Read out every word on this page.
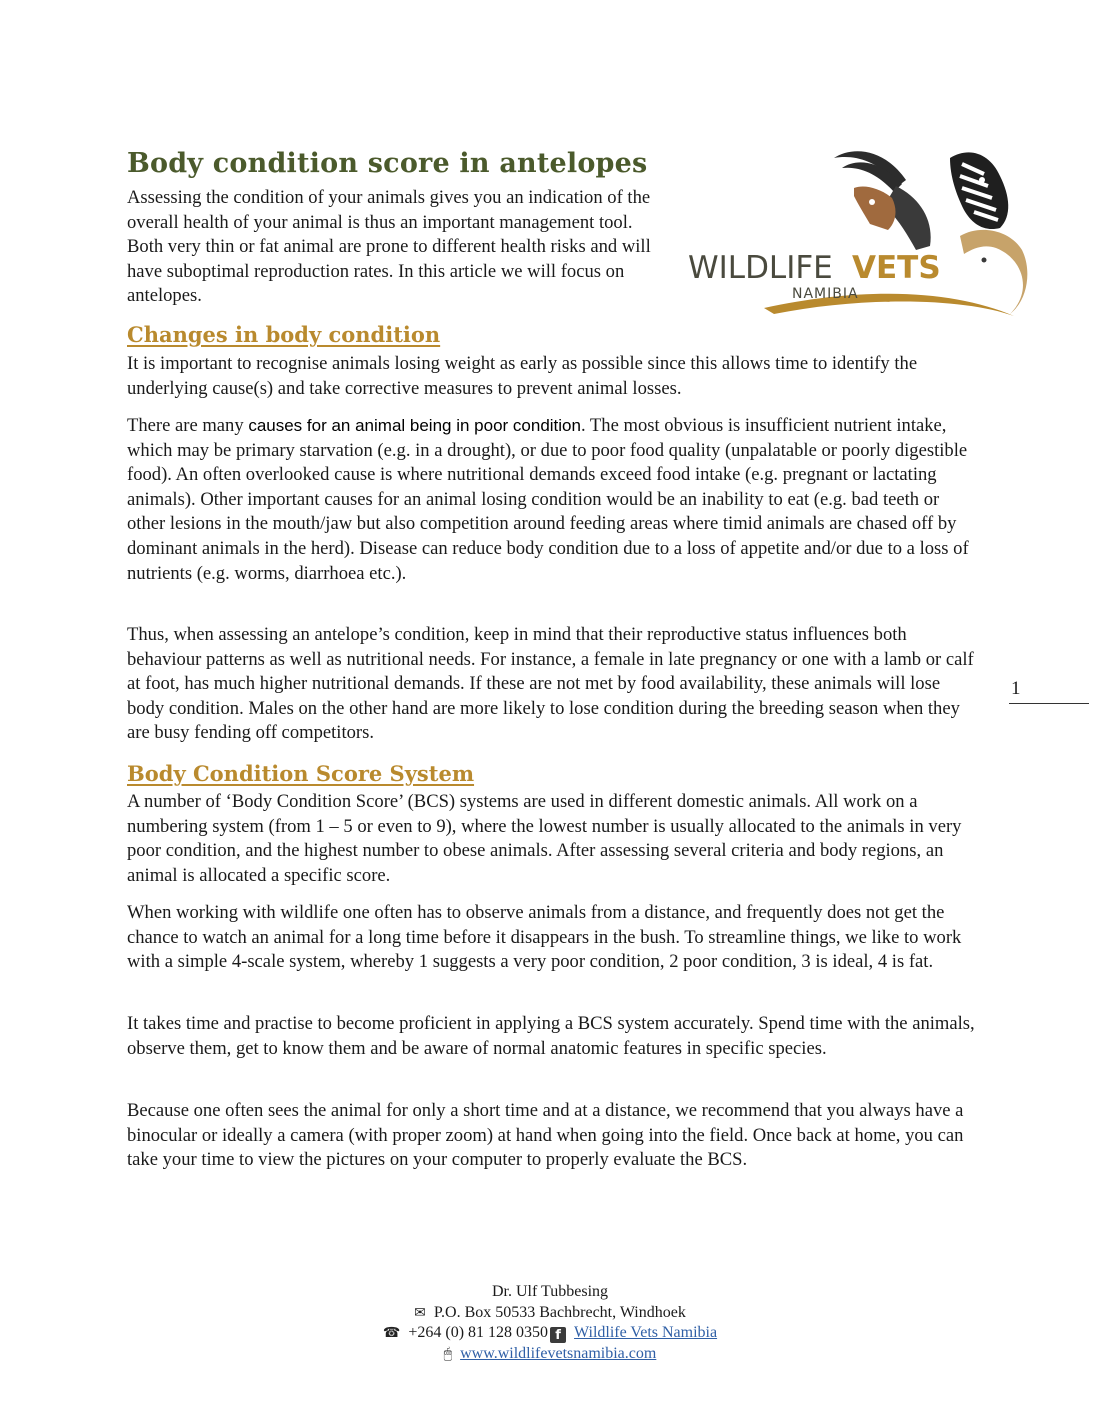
Body condition score in antelopes

Assessing the condition of your animals gives you an indication of the overall health of your animal is thus an important management tool. Both very thin or fat animal are prone to different health risks and will have suboptimal reproduction rates. In this article we will focus on antelopes.

WILDLIFE VETS
NAMIBIA
Changes in body condition

It is important to recognise animals losing weight as early as possible since this allows time to identify the underlying cause(s) and take corrective measures to prevent animal losses.

There are many causes for an animal being in poor condition. The most obvious is insufficient nutrient intake, which may be primary starvation (e.g. in a drought), or due to poor food quality (unpalatable or poorly digestible food). An often overlooked cause is where nutritional demands exceed food intake (e.g. pregnant or lactating animals). Other important causes for an animal losing condition would be an inability to eat (e.g. bad teeth or other lesions in the mouth/jaw but also competition around feeding areas where timid animals are chased off by dominant animals in the herd). Disease can reduce body condition due to a loss of appetite and/or due to a loss of nutrients (e.g. worms, diarrhoea etc.).

Thus, when assessing an antelope’s condition, keep in mind that their reproductive status influences both behaviour patterns as well as nutritional needs. For instance, a female in late pregnancy or one with a lamb or calf at foot, has much higher nutritional demands. If these are not met by food availability, these animals will lose body condition. Males on the other hand are more likely to lose condition during the breeding season when they are busy fending off competitors.

Body Condition Score System

A number of ‘Body Condition Score’ (BCS) systems are used in different domestic animals. All work on a numbering system (from 1 – 5 or even to 9), where the lowest number is usually allocated to the animals in very poor condition, and the highest number to obese animals. After assessing several criteria and body regions, an animal is allocated a specific score.

When working with wildlife one often has to observe animals from a distance, and frequently does not get the chance to watch an animal for a long time before it disappears in the bush. To streamline things, we like to work with a simple 4-scale system, whereby 1 suggests a very poor condition, 2 poor condition, 3 is ideal, 4 is fat.

It takes time and practise to become proficient in applying a BCS system accurately. Spend time with the animals, observe them, get to know them and be aware of normal anatomic features in specific species.

Because one often sees the animal for only a short time and at a distance, we recommend that you always have a binocular or ideally a camera (with proper zoom) at hand when going into the field. Once back at home, you can take your time to view the pictures on your computer to properly evaluate the BCS.

1
Dr. Ulf Tubbesing
✉ P.O. Box 50533 Bachbrecht, Windhoek
☎ +264 (0) 81 128 0350 f Wildlife Vets Namibia
🖱 www.wildlifevetsnamibia.com
